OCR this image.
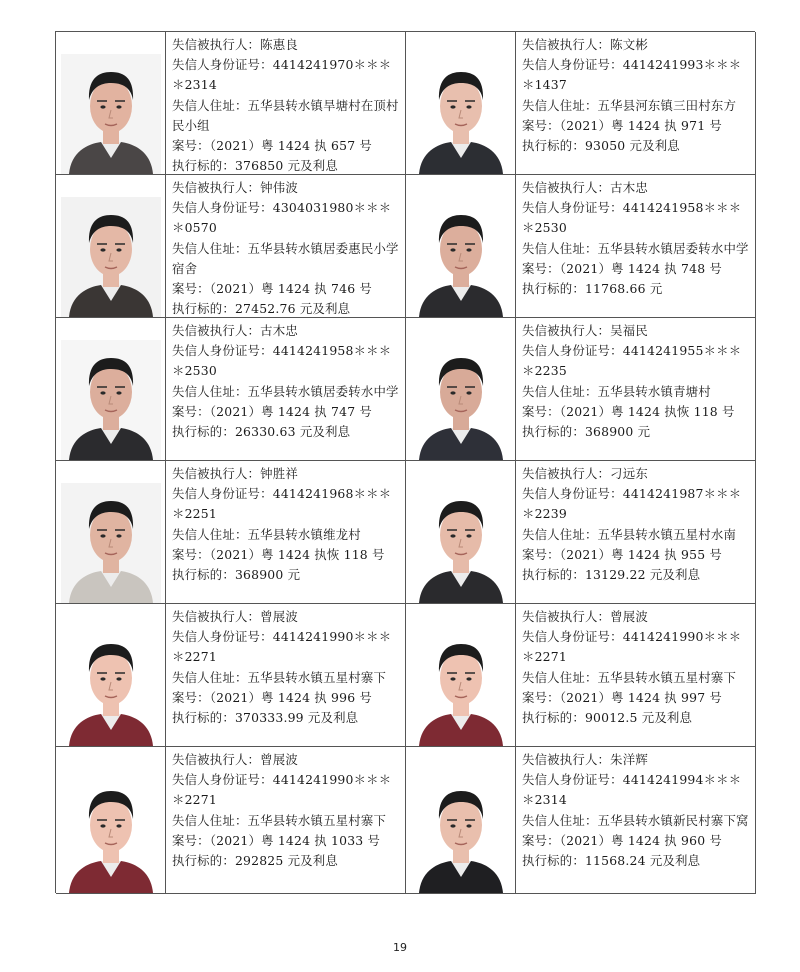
失信被执行人：陈惠良
失信人身份证号：4414241970＊＊＊
＊2314
失信人住址：五华县转水镇旱塘村在顶村民小组
案号：（2021）粤 1424 执 657 号
执行标的：376850 元及利息
失信被执行人：陈文彬
失信人身份证号：4414241993＊＊＊
＊1437
失信人住址：五华县河东镇三田村东方
案号：（2021）粤 1424 执 971 号
执行标的：93050 元及利息
失信被执行人：钟伟波
失信人身份证号：4304031980＊＊＊
＊0570
失信人住址：五华县转水镇居委惠民小学宿舍
案号：（2021）粤 1424 执 746 号
执行标的：27452.76 元及利息
失信被执行人：古木忠
失信人身份证号：4414241958＊＊＊
＊2530
失信人住址：五华县转水镇居委转水中学
案号：（2021）粤 1424 执 748 号
执行标的：11768.66 元
失信被执行人：古木忠
失信人身份证号：4414241958＊＊＊
＊2530
失信人住址：五华县转水镇居委转水中学
案号：（2021）粤 1424 执 747 号
执行标的：26330.63 元及利息
失信被执行人：吴福民
失信人身份证号：4414241955＊＊＊
＊2235
失信人住址：五华县转水镇青塘村
案号：（2021）粤 1424 执恢 118 号
执行标的：368900 元
失信被执行人：钟胜祥
失信人身份证号：4414241968＊＊＊
＊2251
失信人住址：五华县转水镇维龙村
案号：（2021）粤 1424 执恢 118 号
执行标的：368900 元
失信被执行人：刁远东
失信人身份证号：4414241987＊＊＊
＊2239
失信人住址：五华县转水镇五星村水南
案号：（2021）粤 1424 执 955 号
执行标的：13129.22 元及利息
失信被执行人：曾展波
失信人身份证号：4414241990＊＊＊
＊2271
失信人住址：五华县转水镇五星村寨下
案号：（2021）粤 1424 执 996 号
执行标的：370333.99 元及利息
失信被执行人：曾展波
失信人身份证号：4414241990＊＊＊
＊2271
失信人住址：五华县转水镇五星村寨下
案号：（2021）粤 1424 执 997 号
执行标的：90012.5 元及利息
失信被执行人：曾展波
失信人身份证号：4414241990＊＊＊
＊2271
失信人住址：五华县转水镇五星村寨下
案号：（2021）粤 1424 执 1033 号
执行标的：292825 元及利息
失信被执行人：朱洋辉
失信人身份证号：4414241994＊＊＊
＊2314
失信人住址：五华县转水镇新民村寨下窝
案号：（2021）粤 1424 执 960 号
执行标的：11568.24 元及利息
19
